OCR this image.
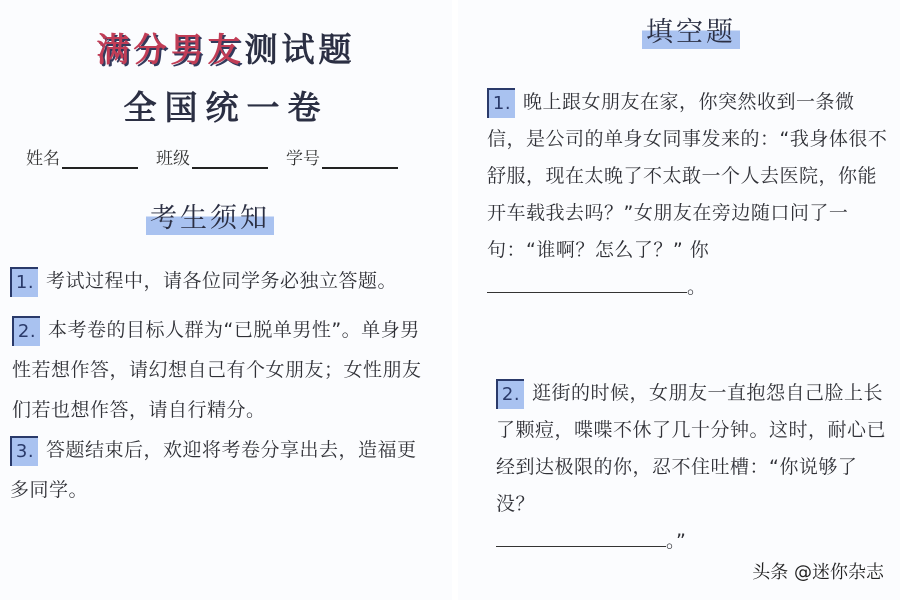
满分男友测试题
全国统一卷
姓名	班级	学号
考生须知
1. 考试过程中，请各位同学务必独立答题。
2. 本考卷的目标人群为“已脱单男性”。单身男性若想作答，请幻想自己有个女朋友；女性朋友们若也想作答，请自行精分。
3. 答题结束后，欢迎将考卷分享出去，造福更多同学。
填空题
1. 晚上跟女朋友在家，你突然收到一条微信，是公司的单身女同事发来的：“我身体很不舒服，现在太晚了不太敢一个人去医院，你能开车载我去吗？”女朋友在旁边随口问了一句：“谁啊？怎么了？” 你。
2. 逛街的时候，女朋友一直抱怨自己脸上长了颗痘，喋喋不休了几十分钟。这时，耐心已经到达极限的你，忍不住吐槽：“你说够了没？
。”
头条 @迷你杂志
